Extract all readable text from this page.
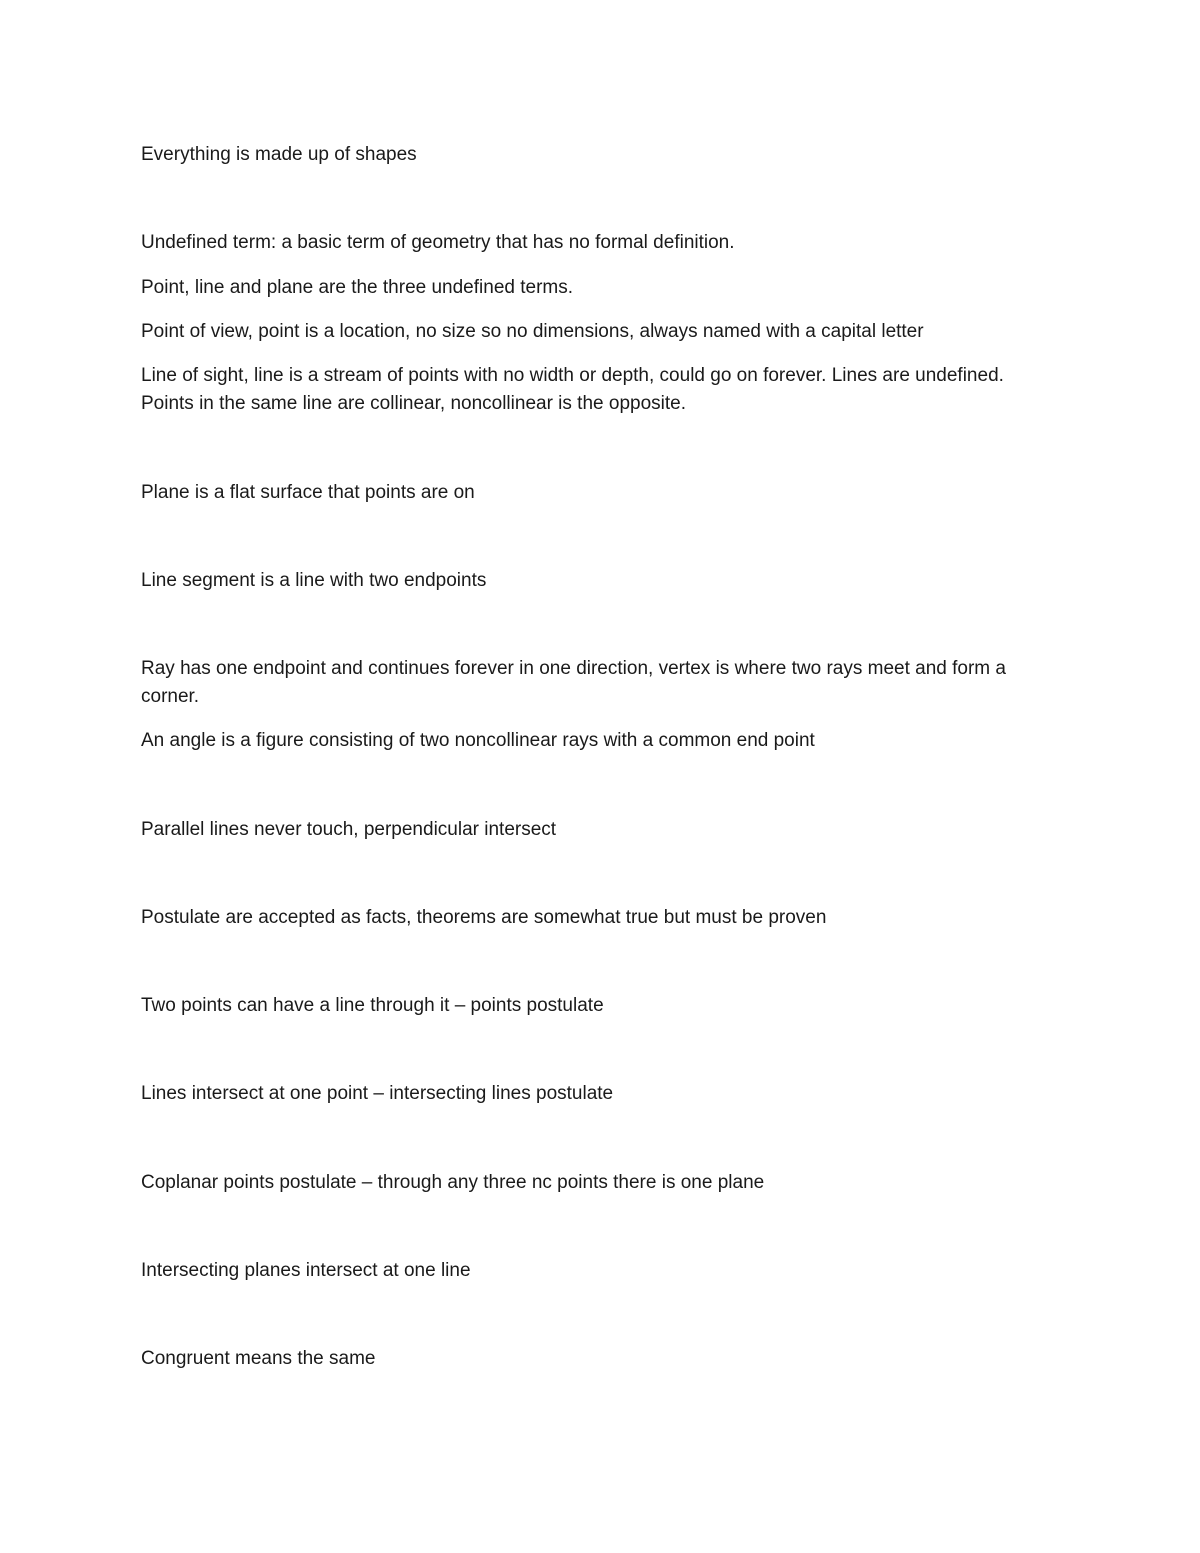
Everything is made up of shapes

Undefined term: a basic term of geometry that has no formal definition.

Point, line and plane are the three undefined terms.

Point of view, point is a location, no size so no dimensions, always named with a capital letter

Line of sight, line is a stream of points with no width or depth, could go on forever. Lines are undefined. Points in the same line are collinear, noncollinear is the opposite.

Plane is a flat surface that points are on

Line segment is a line with two endpoints

Ray has one endpoint and continues forever in one direction, vertex is where two rays meet and form a corner.

An angle is a figure consisting of two noncollinear rays with a common end point

Parallel lines never touch, perpendicular intersect

Postulate are accepted as facts, theorems are somewhat true but must be proven

Two points can have a line through it – points postulate

Lines intersect at one point – intersecting lines postulate

Coplanar points postulate – through any three nc points there is one plane

Intersecting planes intersect at one line

Congruent means the same
